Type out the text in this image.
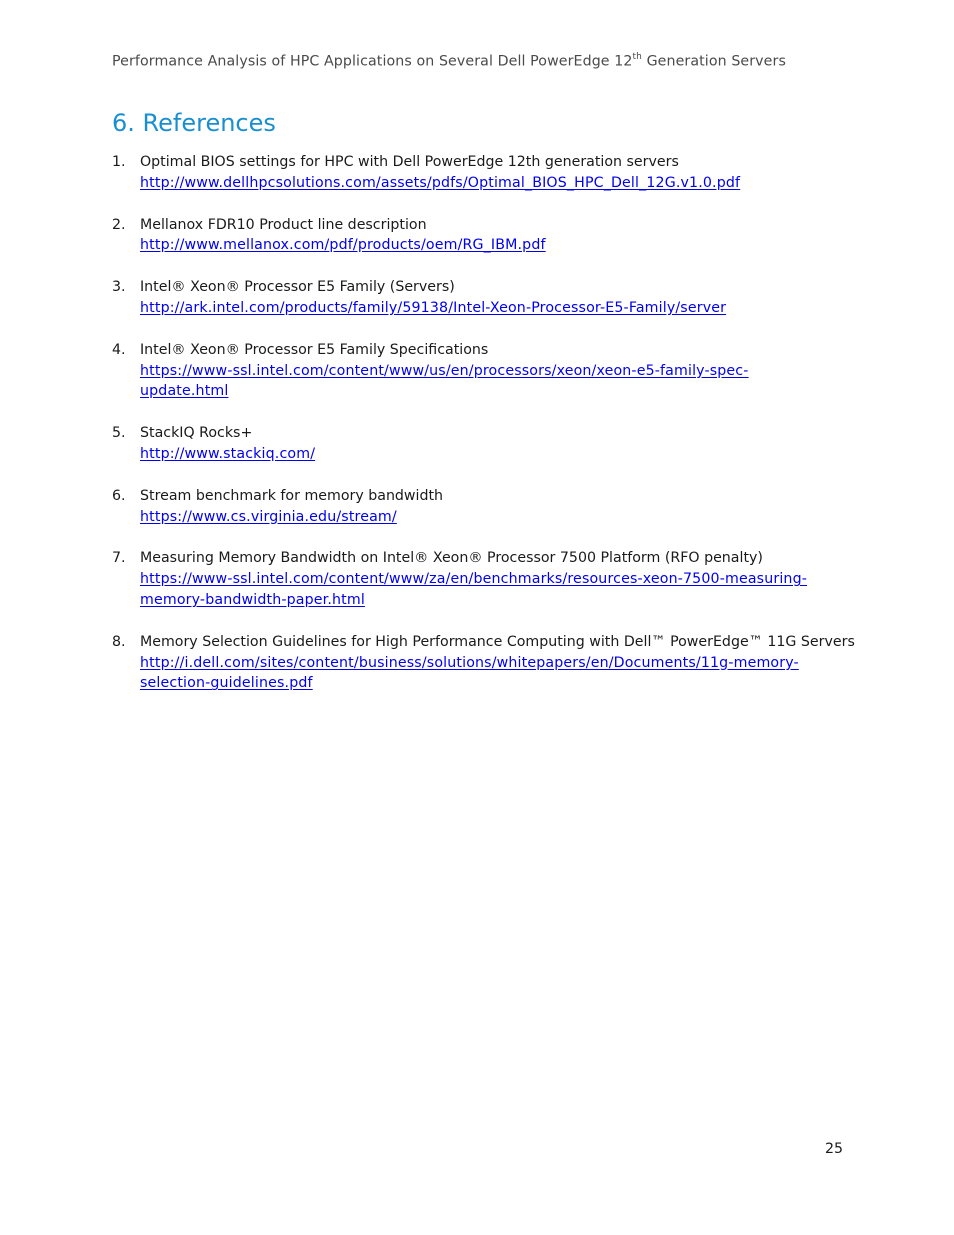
Performance Analysis of HPC Applications on Several Dell PowerEdge 12th Generation Servers
6. References
1. Optimal BIOS settings for HPC with Dell PowerEdge 12th generation servers
http://www.dellhpcsolutions.com/assets/pdfs/Optimal_BIOS_HPC_Dell_12G.v1.0.pdf
2. Mellanox FDR10 Product line description
http://www.mellanox.com/pdf/products/oem/RG_IBM.pdf
3. Intel® Xeon® Processor E5 Family (Servers)
http://ark.intel.com/products/family/59138/Intel-Xeon-Processor-E5-Family/server
4. Intel® Xeon® Processor E5 Family Specifications
https://www-ssl.intel.com/content/www/us/en/processors/xeon/xeon-e5-family-spec-
update.html
5. StackIQ Rocks+
http://www.stackiq.com/
6. Stream benchmark for memory bandwidth
https://www.cs.virginia.edu/stream/
7. Measuring Memory Bandwidth on Intel® Xeon® Processor 7500 Platform (RFO penalty)
https://www-ssl.intel.com/content/www/za/en/benchmarks/resources-xeon-7500-measuring-
memory-bandwidth-paper.html
8. Memory Selection Guidelines for High Performance Computing with Dell™ PowerEdge™ 11G Servers
http://i.dell.com/sites/content/business/solutions/whitepapers/en/Documents/11g-memory-
selection-guidelines.pdf
25
